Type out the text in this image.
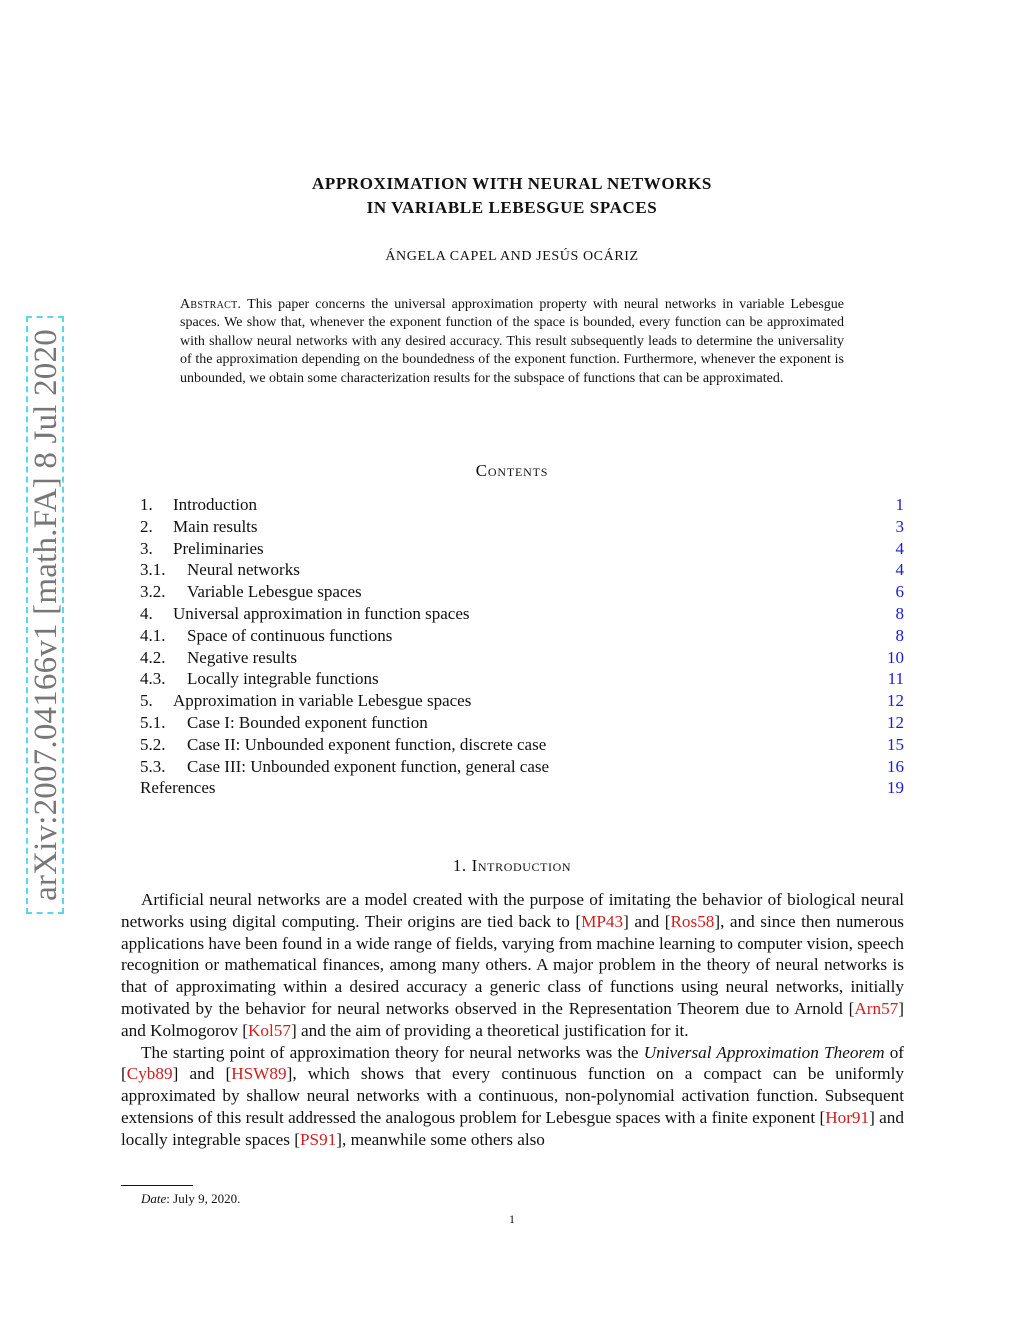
arXiv:2007.04166v1 [math.FA] 8 Jul 2020
APPROXIMATION WITH NEURAL NETWORKS
IN VARIABLE LEBESGUE SPACES
ÁNGELA CAPEL AND JESÚS OCÁRIZ
Abstract. This paper concerns the universal approximation property with neural networks in variable Lebesgue spaces. We show that, whenever the exponent function of the space is bounded, every function can be approximated with shallow neural networks with any desired accuracy. This result subsequently leads to determine the universality of the approximation depending on the boundedness of the exponent function. Furthermore, whenever the exponent is unbounded, we obtain some characterization results for the subspace of functions that can be approximated.
Contents
1. Introduction	1
2. Main results	3
3. Preliminaries	4
3.1. Neural networks	4
3.2. Variable Lebesgue spaces	6
4. Universal approximation in function spaces	8
4.1. Space of continuous functions	8
4.2. Negative results	10
4.3. Locally integrable functions	11
5. Approximation in variable Lebesgue spaces	12
5.1. Case I: Bounded exponent function	12
5.2. Case II: Unbounded exponent function, discrete case	15
5.3. Case III: Unbounded exponent function, general case	16
References	19
1. Introduction

Artificial neural networks are a model created with the purpose of imitating the behavior of biological neural networks using digital computing. Their origins are tied back to [MP43] and [Ros58], and since then numerous applications have been found in a wide range of fields, varying from machine learning to computer vision, speech recognition or mathematical finances, among many others. A major problem in the theory of neural networks is that of approximating within a desired accuracy a generic class of functions using neural networks, initially motivated by the behavior for neural networks observed in the Representation Theorem due to Arnold [Arn57] and Kolmogorov [Kol57] and the aim of providing a theoretical justification for it.

The starting point of approximation theory for neural networks was the Universal Approximation Theorem of [Cyb89] and [HSW89], which shows that every continuous function on a compact can be uniformly approximated by shallow neural networks with a continuous, non-polynomial activation function. Subsequent extensions of this result addressed the analogous problem for Lebesgue spaces with a finite exponent [Hor91] and locally integrable spaces [PS91], meanwhile some others also

Date: July 9, 2020.
1
